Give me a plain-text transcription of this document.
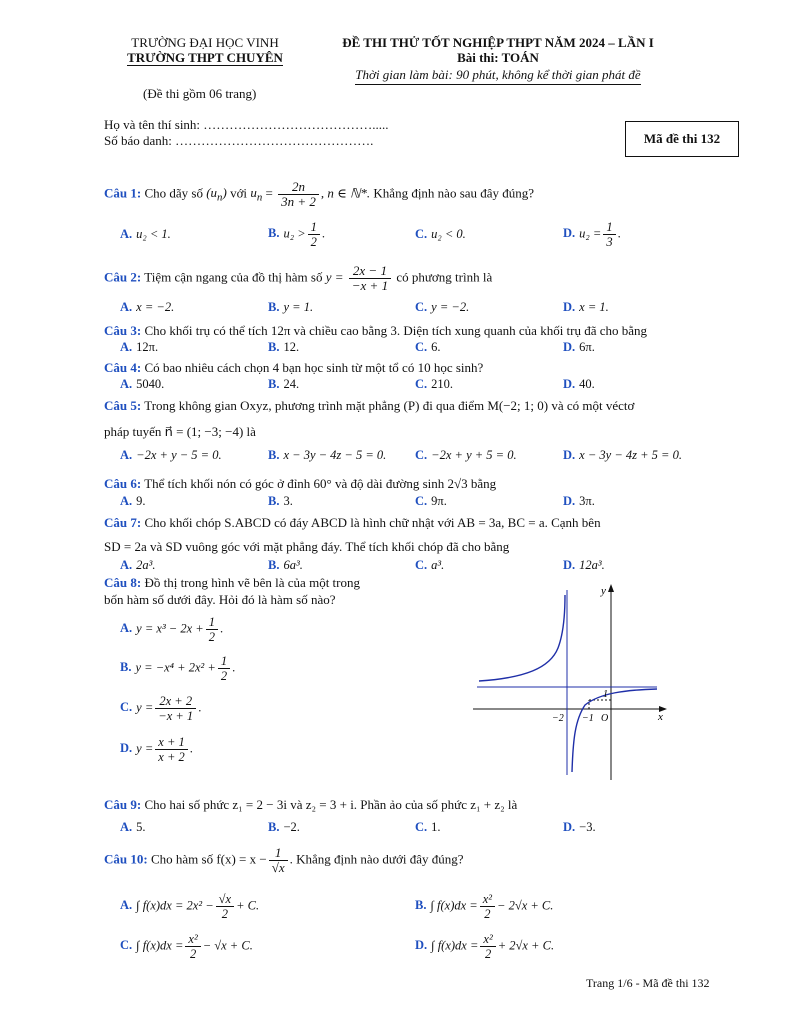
TRƯỜNG ĐẠI HỌC VINH
TRƯỜNG THPT CHUYÊN
(Đề thi gồm 06 trang)
ĐỀ THI THỬ TỐT NGHIỆP THPT NĂM 2024 – LẦN I
Bài thi: TOÁN
Thời gian làm bài: 90 phút, không kể thời gian phát đề
Họ và tên thí sinh: ………………………………….....
Số báo danh: ……………………………………….	Mã đề thi 132
Câu 1: Cho dãy số $(u_n)$ với $u_n = \frac{2n}{3n + 2}$ , n ∈ ℕ*. Khẳng định nào sau đây đúng?
A. u₂ < 1.	B. $u_2 > \frac{1}{2}$ .	C. u₂ < 0.	D. $u_2 = \frac{1}{3}$ .
Câu 2: Tiệm cận ngang của đồ thị hàm số $y = \frac{2x - 1}{-x + 1}$ có phương trình là
A. x = −2.	B. y = 1.	C. y = −2.	D. x = 1.
Câu 3: Cho khối trụ có thể tích 12π và chiều cao bằng 3. Diện tích xung quanh của khối trụ đã cho bằng
A. 12π.	B. 12.	C. 6.	D. 6π.
Câu 4: Có bao nhiêu cách chọn 4 bạn học sinh từ một tổ có 10 học sinh?
A. 5040.	B. 24.	C. 210.	D. 40.
Câu 5: Trong không gian Oxyz, phương trình mặt phẳng (P) đi qua điểm M(−2; 1; 0) và có một véctơ
pháp tuyến n⃗ = (1; −3; −4) là
A. −2x + y − 5 = 0.	B. x − 3y − 4z − 5 = 0. C. −2x + y + 5 = 0.	D. x − 3y − 4z + 5 = 0.
Câu 6: Thể tích khối nón có góc ở đỉnh 60° và độ dài đường sinh 2√3 bằng
A. 9.	B. 3.	C. 9π.	D. 3π.
Câu 7: Cho khối chóp S.ABCD có đáy ABCD là hình chữ nhật với AB = 3a, BC = a. Cạnh bên
SD = 2a và SD vuông góc với mặt phẳng đáy. Thể tích khối chóp đã cho bằng
A. 2a³.	B. 6a³.	C. a³.	D. 12a³.
Câu 8: Đồ thị trong hình vẽ bên là của một trong
bốn hàm số dưới đây. Hỏi đó là hàm số nào?
A. $y = x^3 - 2x + \frac{1}{2}$ .
B. $y = -x^4 + 2x^2 + \frac{1}{2}$ .
C. $y = \frac{2x + 2}{-x + 1}$ .
D. $y = \frac{x + 1}{x + 2}$ .
y
x
−2 −1 O
1
Câu 9: Cho hai số phức z₁ = 2 − 3i và z₂ = 3 + i. Phần ảo của số phức z₁ + z₂ là
A. 5.	B. −2.	C. 1.	D. −3.
Câu 10: Cho hàm số $f(x) = x - \frac{1}{√x}$ . Khẳng định nào dưới đây đúng?
A. ∫ $f(x)dx = 2x^2 - \frac{√x}{2} + C$.	B. ∫ $f(x)dx = \frac{\text{x²}}{2} - 2√x + C$.
C. ∫ $f(x)dx = \frac{\text{x²}}{2} - √x + C$.	D. ∫ $f(x)dx = \frac{\text{x²}}{2} + 2√x + C$.
Trang 1/6 - Mã đề thi 132
